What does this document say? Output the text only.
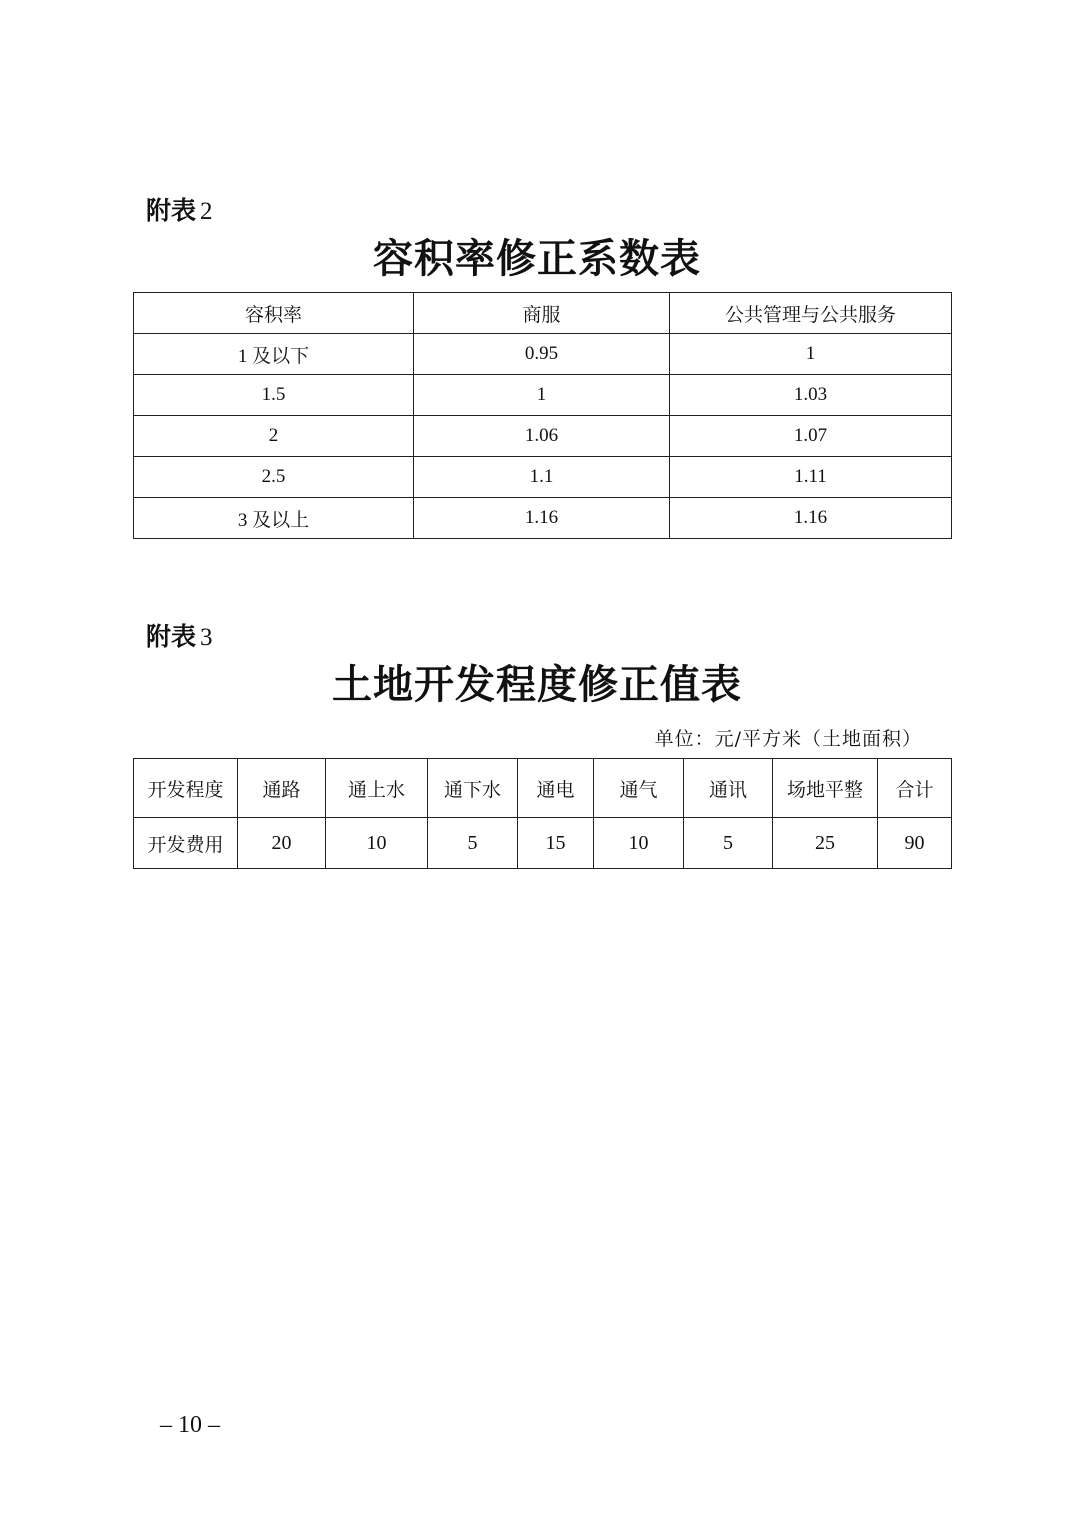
附表 2
容积率修正系数表
容积率	商服	公共管理与公共服务
1 及以下	0.95	1
1.5	1	1.03
2	1.06	1.07
2.5	1.1	1.11
3 及以上	1.16	1.16
附表 3
土地开发程度修正值表
单位：元/平方米（土地面积）
开发程度	通路	通上水	通下水	通电	通气	通讯	场地平整	合计
开发费用	20	10	5	15	10	5	25	90
– 10 –
